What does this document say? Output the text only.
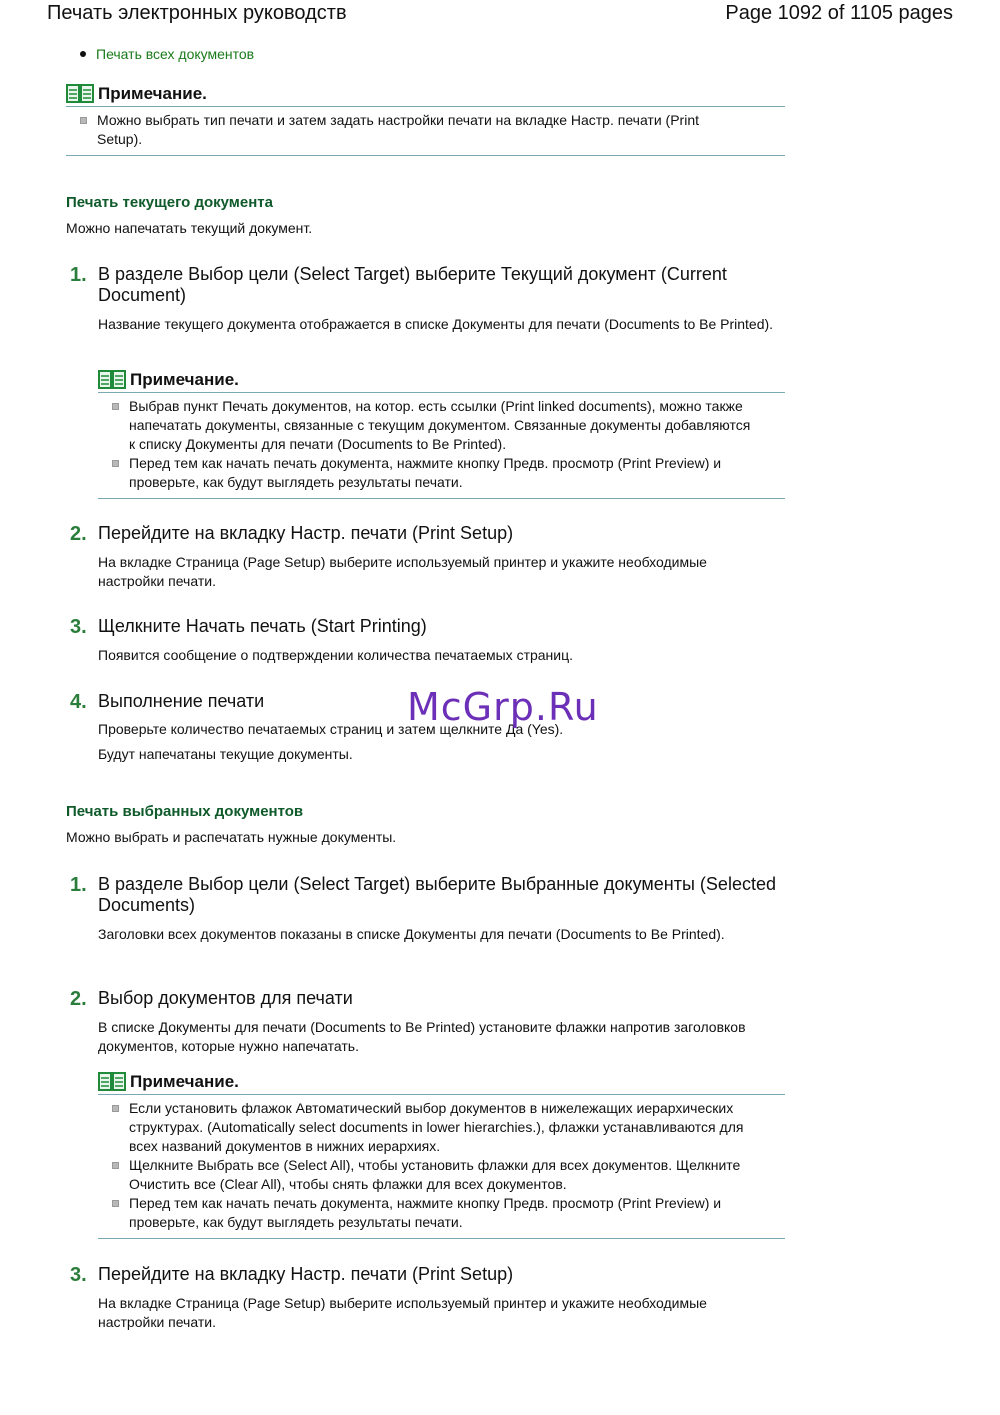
Печать электронных руководств	Page 1092 of 1105 pages
Печать всех документов
Примечание.
Можно выбрать тип печати и затем задать настройки печати на вкладке Настр. печати (Print Setup).
Печать текущего документа
Можно напечатать текущий документ.
1. В разделе Выбор цели (Select Target) выберите Текущий документ (Current Document)
Название текущего документа отображается в списке Документы для печати (Documents to Be Printed).
Примечание.
Выбрав пункт Печать документов, на котор. есть ссылки (Print linked documents), можно также напечатать документы, связанные с текущим документом. Связанные документы добавляются к списку Документы для печати (Documents to Be Printed).
Перед тем как начать печать документа, нажмите кнопку Предв. просмотр (Print Preview) и проверьте, как будут выглядеть результаты печати.
2. Перейдите на вкладку Настр. печати (Print Setup)
На вкладке Страница (Page Setup) выберите используемый принтер и укажите необходимые настройки печати.
3. Щелкните Начать печать (Start Printing)
Появится сообщение о подтверждении количества печатаемых страниц.
4. Выполнение печати
Проверьте количество печатаемых страниц и затем щелкните Да (Yes).
Будут напечатаны текущие документы.
McGrp.Ru
Печать выбранных документов
Можно выбрать и распечатать нужные документы.
1. В разделе Выбор цели (Select Target) выберите Выбранные документы (Selected Documents)
Заголовки всех документов показаны в списке Документы для печати (Documents to Be Printed).
2. Выбор документов для печати
В списке Документы для печати (Documents to Be Printed) установите флажки напротив заголовков документов, которые нужно напечатать.
Примечание.
Если установить флажок Автоматический выбор документов в нижележащих иерархических структурах. (Automatically select documents in lower hierarchies.), флажки устанавливаются для всех названий документов в нижних иерархиях.
Щелкните Выбрать все (Select All), чтобы установить флажки для всех документов. Щелкните Очистить все (Clear All), чтобы снять флажки для всех документов.
Перед тем как начать печать документа, нажмите кнопку Предв. просмотр (Print Preview) и проверьте, как будут выглядеть результаты печати.
3. Перейдите на вкладку Настр. печати (Print Setup)
На вкладке Страница (Page Setup) выберите используемый принтер и укажите необходимые настройки печати.
